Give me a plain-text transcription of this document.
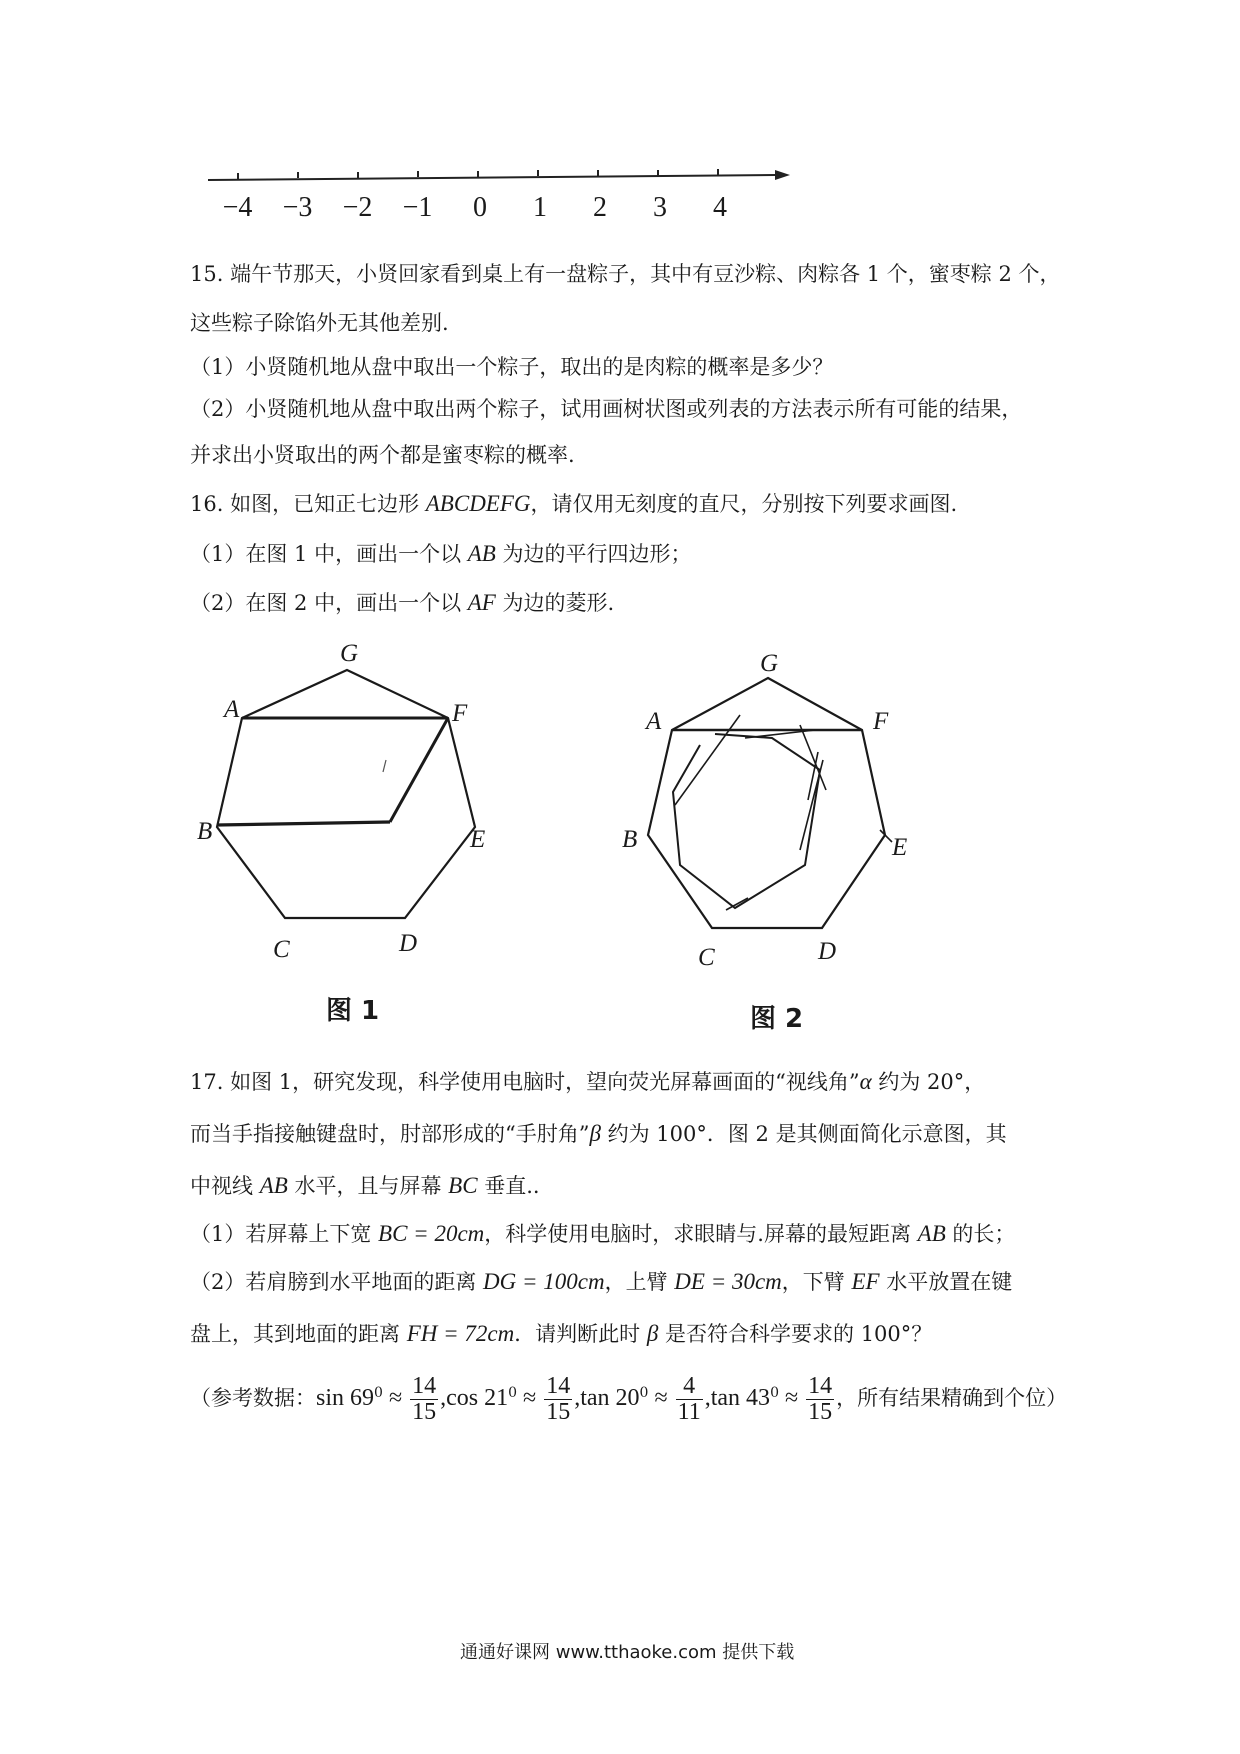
−4 −3 −2 −1 0 1 2 3 4
15. 端午节那天，小贤回家看到桌上有一盘粽子，其中有豆沙粽、肉粽各 1 个，蜜枣粽 2 个，
这些粽子除馅外无其他差别.
（1）小贤随机地从盘中取出一个粽子，取出的是肉粽的概率是多少？
（2）小贤随机地从盘中取出两个粽子，试用画树状图或列表的方法表示所有可能的结果，
并求出小贤取出的两个都是蜜枣粽的概率.
16. 如图，已知正七边形 ABCDEFG，请仅用无刻度的直尺，分别按下列要求画图.
（1）在图 1 中，画出一个以 AB 为边的平行四边形；
（2）在图 2 中，画出一个以 AF 为边的菱形.
G
A	F
B	E
C	D
图 1
G
A	F
B	E
C	D
图 2
17. 如图 1，研究发现，科学使用电脑时，望向荧光屏幕画面的“视线角”α 约为 20°，
而当手指接触键盘时，肘部形成的“手肘角”β 约为 100°．图 2 是其侧面简化示意图，其
中视线 AB 水平，且与屏幕 BC 垂直..
（1）若屏幕上下宽 BC = 20cm，科学使用电脑时，求眼睛与.屏幕的最短距离 AB 的长；
（2）若肩膀到水平地面的距离 DG = 100cm，上臂 DE = 30cm，下臂 EF 水平放置在键
盘上，其到地面的距离 FH = 72cm．请判断此时 β 是否符合科学要求的 100°？
（参考数据：$\sin 69^0 \approx \frac{14}{15} ,\cos$ $21^0 \approx \frac{14}{15} ,\tan$ $20^0 \approx \frac{4}{11} ,\tan$ $43^0 \approx \frac{14}{15}$ ，所有结果精确到个位）
通通好课网 www.tthaoke.com 提供下载
